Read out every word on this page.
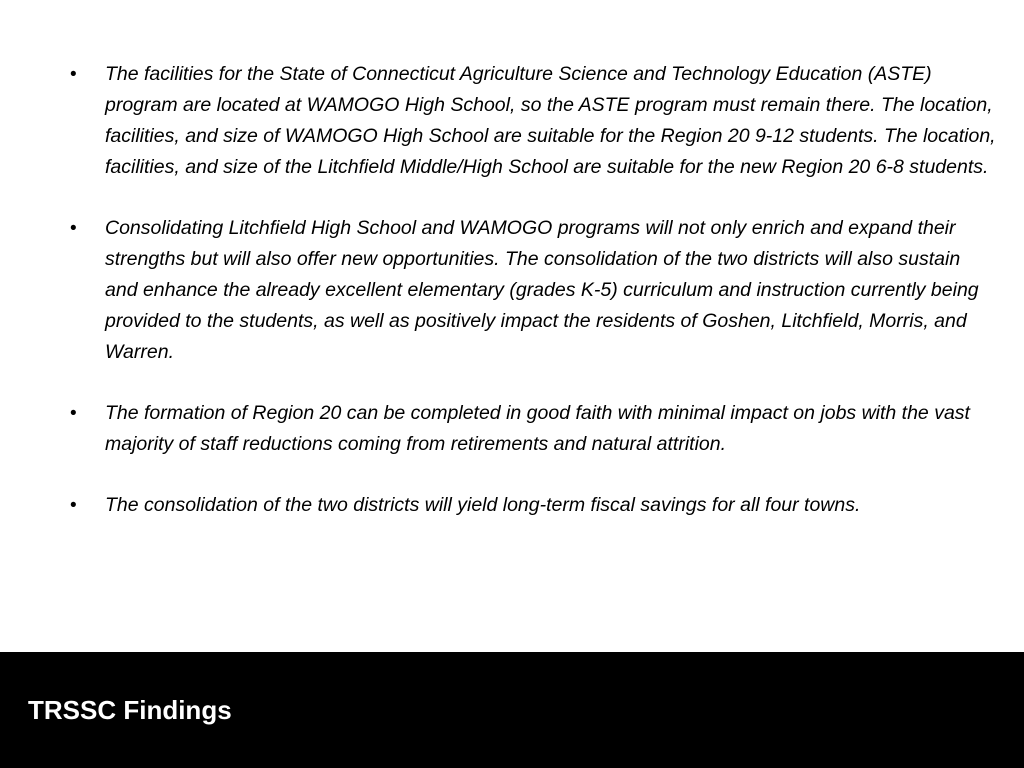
• The facilities for the State of Connecticut Agriculture Science and Technology Education (ASTE) program are located at WAMOGO High School, so the ASTE program must remain there. The location, facilities, and size of WAMOGO High School are suitable for the Region 20 9-12 students. The location, facilities, and size of the Litchfield Middle/High School are suitable for the new Region 20 6-8 students.
• Consolidating Litchfield High School and WAMOGO programs will not only enrich and expand their strengths but will also offer new opportunities. The consolidation of the two districts will also sustain and enhance the already excellent elementary (grades K-5) curriculum and instruction currently being provided to the students, as well as positively impact the residents of Goshen, Litchfield, Morris, and Warren.
• The formation of Region 20 can be completed in good faith with minimal impact on jobs with the vast majority of staff reductions coming from retirements and natural attrition.
• The consolidation of the two districts will yield long-term fiscal savings for all four towns.
TRSSC Findings
